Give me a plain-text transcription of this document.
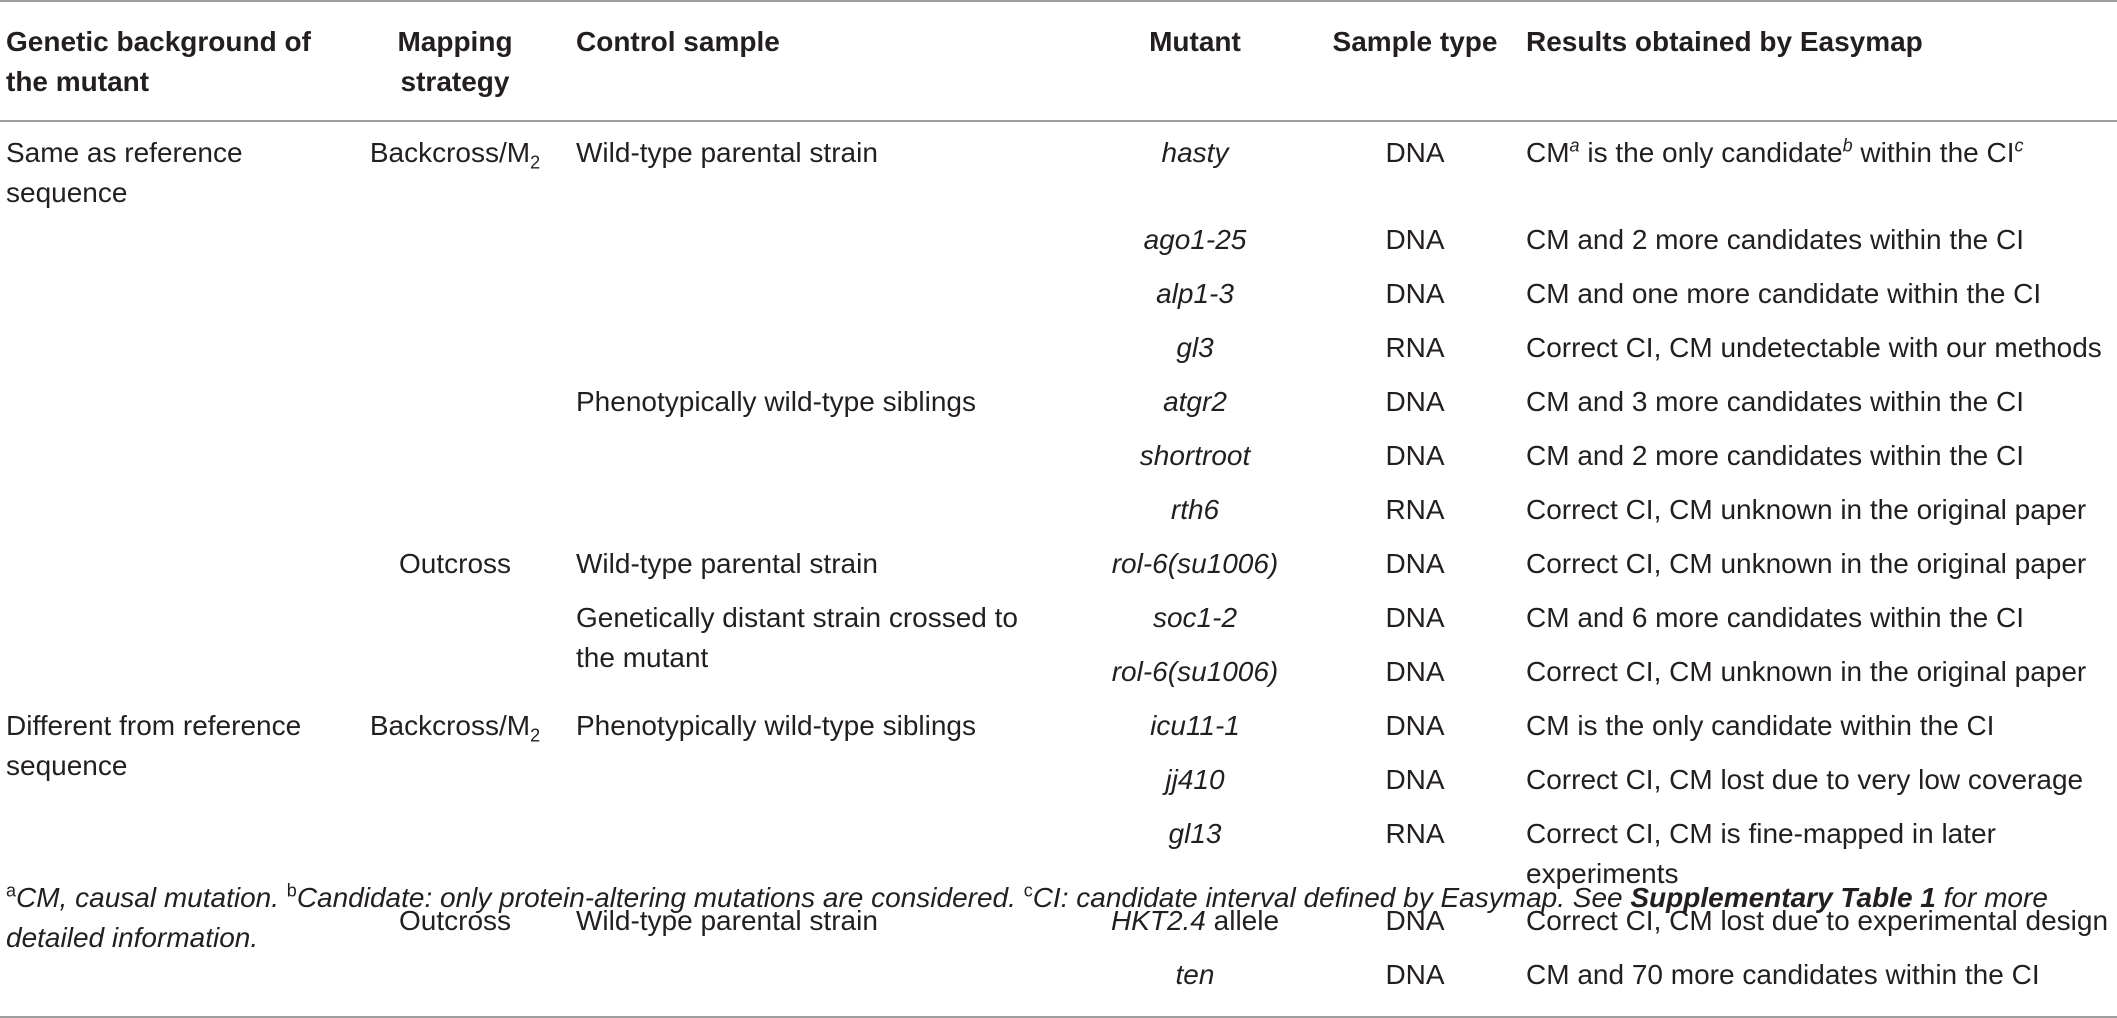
Genetic background of the mutant	Mapping strategy	Control sample	Mutant	Sample type	Results obtained by Easymap
Same as reference sequence	Backcross/$M_2$	Wild-type parental strain	hasty	DNA	$CM^a$ is the only candidate$^b$ within the $CI^c$
			ago1-25	DNA	CM and 2 more candidates within the CI
			alp1-3	DNA	CM and one more candidate within the CI
			gl3	RNA	Correct CI, CM undetectable with our methods
		Phenotypically wild-type siblings	atgr2	DNA	CM and 3 more candidates within the CI
			shortroot	DNA	CM and 2 more candidates within the CI
			rth6	RNA	Correct CI, CM unknown in the original paper
	Outcross	Wild-type parental strain	rol-6(su1006)	DNA	Correct CI, CM unknown in the original paper
		Genetically distant strain crossed to the mutant	soc1-2	DNA	CM and 6 more candidates within the CI
			rol-6(su1006)	DNA	Correct CI, CM unknown in the original paper
Different from reference sequence	Backcross/$M_2$	Phenotypically wild-type siblings	icu11-1	DNA	CM is the only candidate within the CI
			jj410	DNA	Correct CI, CM lost due to very low coverage
			gl13	RNA	Correct CI, CM is fine-mapped in later experiments
	Outcross	Wild-type parental strain	HKT2.4 allele	DNA	Correct CI, CM lost due to experimental design
			ten	DNA	CM and 70 more candidates within the CI
$^a$CM, causal mutation. $^b$Candidate: only protein-altering mutations are considered. $^c$CI: candidate interval defined by Easymap. See Supplementary Table 1 for more detailed information.
